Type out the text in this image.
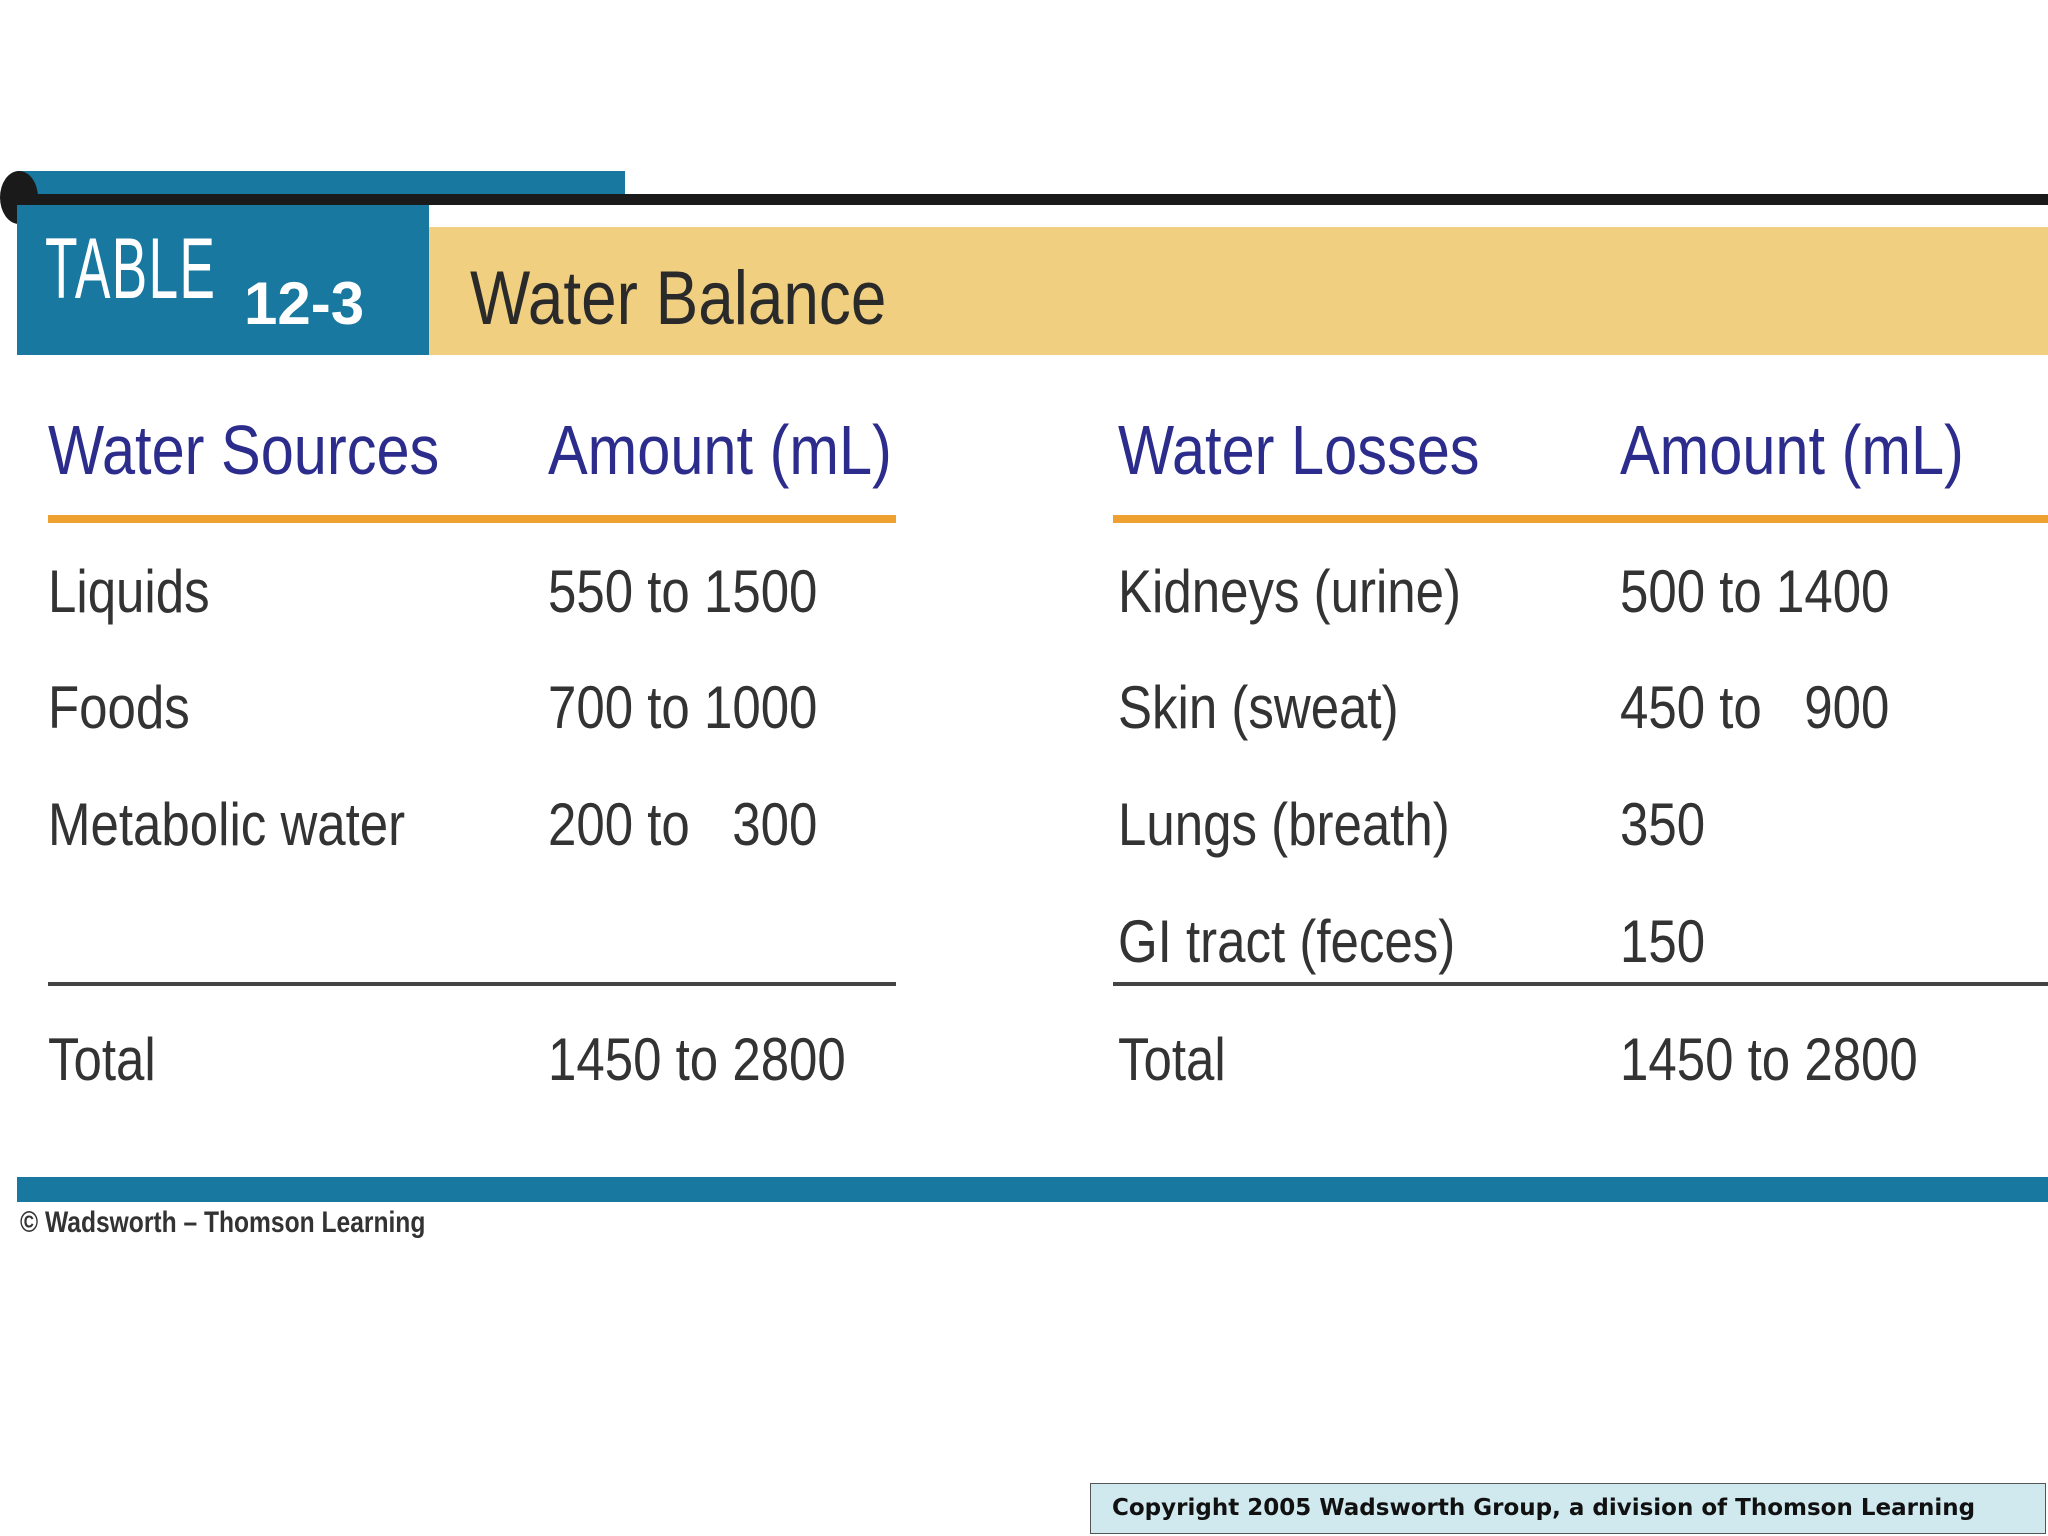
TABLE 12-3 Water Balance
Water Sources Amount (mL)
Liquids	550 to 1500
Foods	700 to 1000
Metabolic water 200 to   300
Total	1450 to 2800
Water Losses Amount (mL)
Kidneys (urine)	500 to 1400
Skin (sweat)	450 to   900
Lungs (breath)	350
GI tract (feces)	150
Total	1450 to 2800
© Wadsworth – Thomson Learning
Copyright 2005 Wadsworth Group, a division of Thomson Learning
